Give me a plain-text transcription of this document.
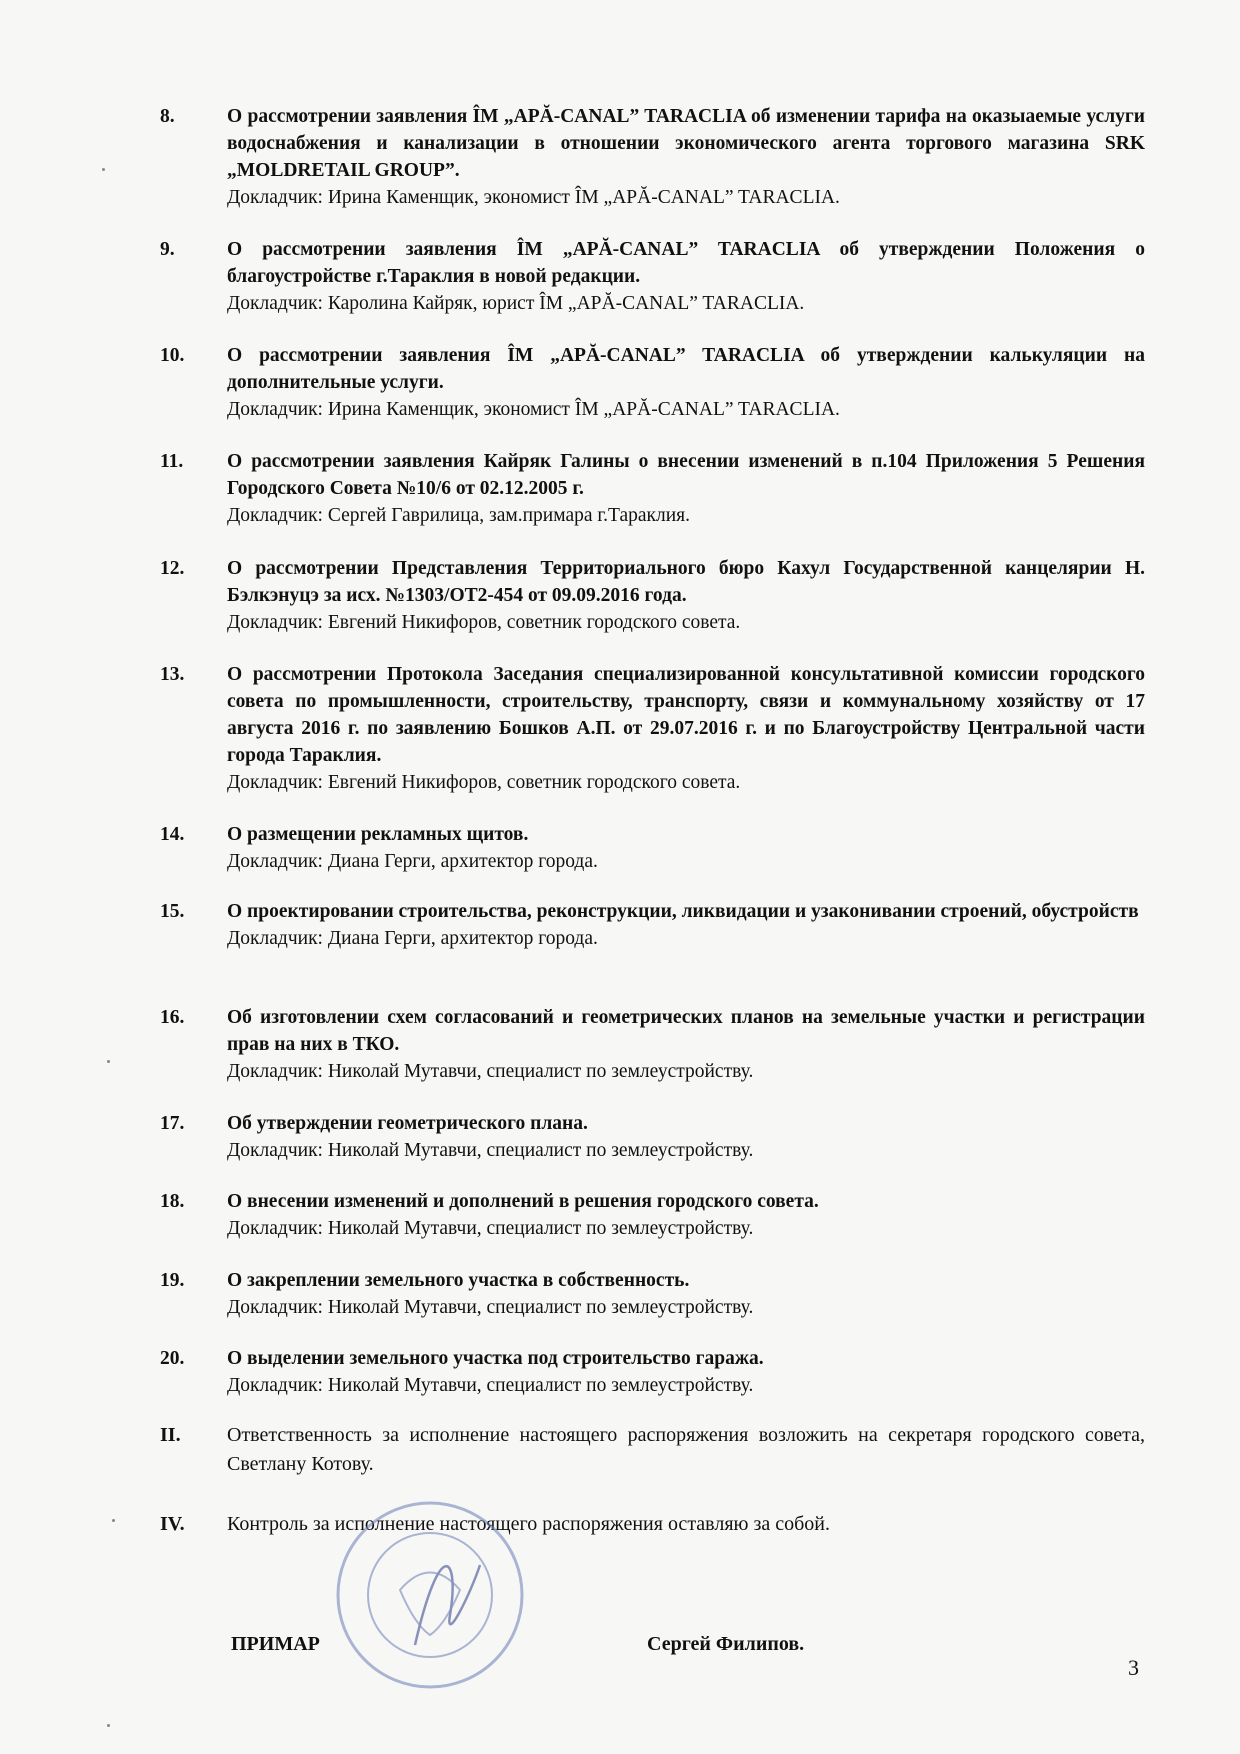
8.	О рассмотрении заявления ÎM „APĂ-CANAL” TARACLIA об изменении тарифа на оказыаемые услуги водоснабжения и канализации в отношении экономического агента торгового магазина SRK „MOLDRETAIL GROUP”.
Докладчик: Ирина Каменщик, экономист ÎM „APĂ-CANAL” TARACLIA.
9.	О рассмотрении заявления ÎM „APĂ-CANAL” TARACLIA об утверждении Положения о благоустройстве г.Тараклия в новой редакции.
Докладчик: Каролина Кайряк, юрист ÎM „APĂ-CANAL” TARACLIA.
10.	О рассмотрении заявления ÎM „APĂ-CANAL” TARACLIA об утверждении калькуляции на дополнительные услуги.
Докладчик: Ирина Каменщик, экономист ÎM „APĂ-CANAL” TARACLIA.
11.	О рассмотрении заявления Кайряк Галины о внесении изменений в п.104 Приложения 5 Решения Городского Совета №10/6 от 02.12.2005 г.
Докладчик: Сергей Гаврилица, зам.примара г.Тараклия.
12.	О рассмотрении Представления Территориального бюро Кахул Государственной канцелярии Н. Бэлкэнуцэ за исх. №1303/OT2-454 от 09.09.2016 года.
Докладчик: Евгений Никифоров, советник городского совета.
13.	О рассмотрении Протокола Заседания специализированной консультативной комиссии городского совета по промышленности, строительству, транспорту, связи и коммунальному хозяйству от 17 августа 2016 г. по заявлению Бошков А.П. от 29.07.2016 г. и по Благоустройству Центральной части города Тараклия.
Докладчик: Евгений Никифоров, советник городского совета.
14.	О размещении рекламных щитов.
Докладчик: Диана Герги, архитектор города.
15.	О проектировании строительства, реконструкции, ликвидации и узаконивании строений, обустройств
Докладчик: Диана Герги, архитектор города.
16.	Об изготовлении схем согласований и геометрических планов на земельные участки и регистрации прав на них в ТКО.
Докладчик: Николай Мутавчи, специалист по землеустройству.
17.	Об утверждении геометрического плана.
Докладчик: Николай Мутавчи, специалист по землеустройству.
18.	О внесении изменений и дополнений в решения городского совета.
Докладчик: Николай Мутавчи, специалист по землеустройству.
19.	О закреплении земельного участка в собственность.
Докладчик: Николай Мутавчи, специалист по землеустройству.
20.	О выделении земельного участка под строительство гаража.
Докладчик: Николай Мутавчи, специалист по землеустройству.
II.	Ответственность за исполнение настоящего распоряжения возложить на секретаря городского совета, Светлану Котову.
IV.	Контроль за исполнение настоящего распоряжения оставляю за собой.
ПРИМАР	Сергей Филипов.
3
